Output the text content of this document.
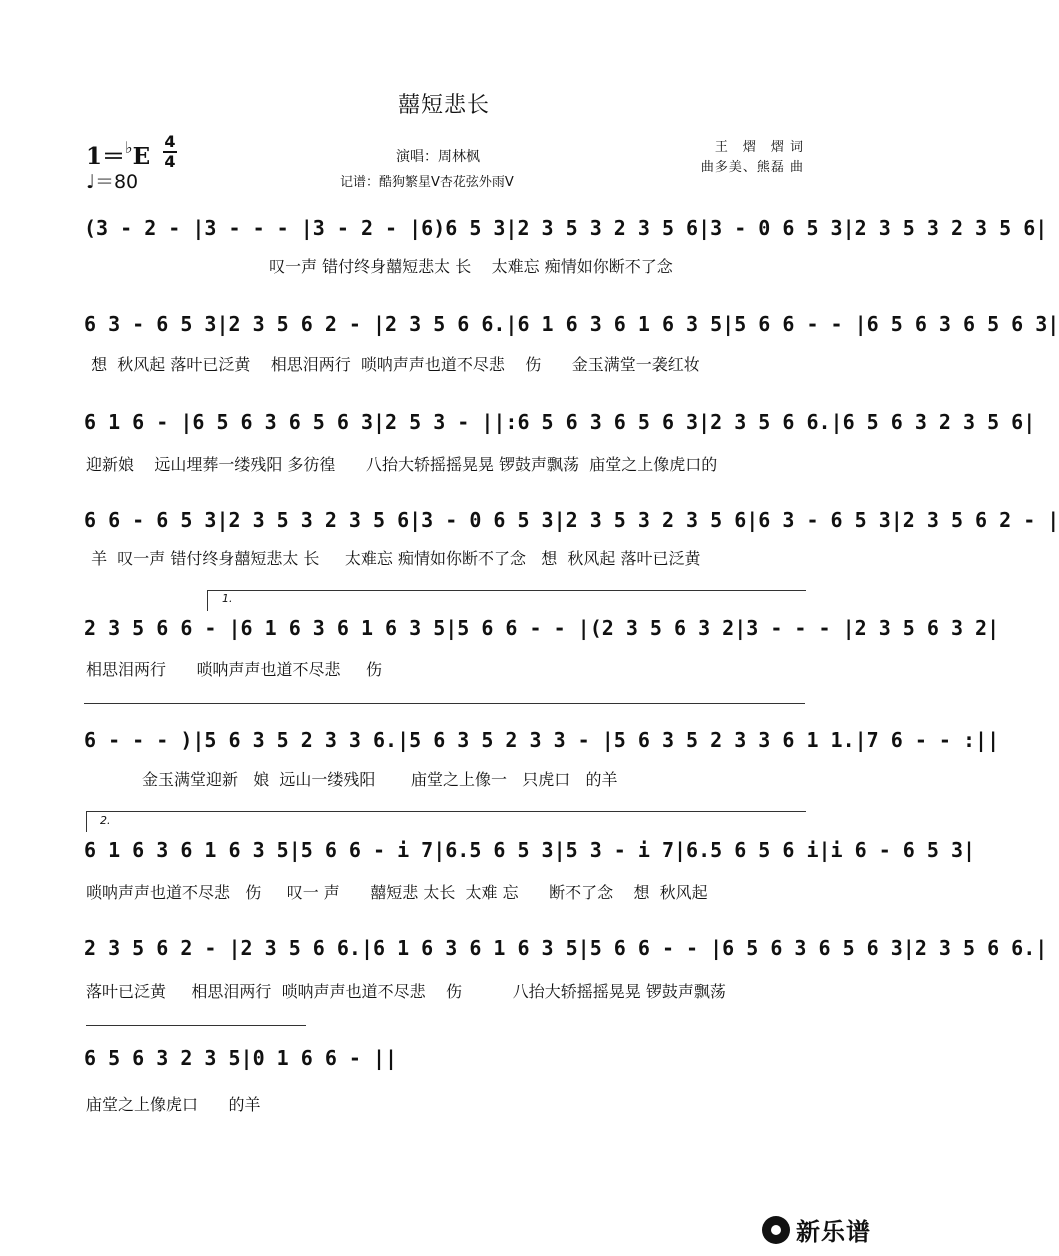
囍短悲长
1＝♭E
4
4
♩＝80
演唱：周林枫
记谱：酷狗繁星V杏花弦外雨V
王　熠　熠 词
曲多美、熊磊 曲
(3 - 2 - |3 - - - |3 - 2 - |6)6 5 3|2 3 5 3 2 3 5 6|3 - 0 6 5 3|2 3 5 3 2 3 5 6|
叹一声 错付终身囍短悲太 长    太难忘 痴情如你断不了念
6 3 - 6 5 3|2 3 5 6 2 - |2 3 5 6 6.|6 1 6 3 6 1 6 3 5|5 6 6 - - |6 5 6 3 6 5 6 3|
想  秋风起 落叶已泛黄    相思泪两行  唢呐声声也道不尽悲    伤      金玉满堂一袭红妆
6 1 6 - |6 5 6 3 6 5 6 3|2 5 3 - ||:6 5 6 3 6 5 6 3|2 3 5 6 6.|6 5 6 3 2 3 5 6|
迎新娘    远山埋葬一缕残阳 多彷徨      八抬大轿摇摇晃晃 锣鼓声飘荡  庙堂之上像虎口的
6 6 - 6 5 3|2 3 5 3 2 3 5 6|3 - 0 6 5 3|2 3 5 3 2 3 5 6|6 3 - 6 5 3|2 3 5 6 2 - |
羊  叹一声 错付终身囍短悲太 长     太难忘 痴情如你断不了念   想  秋风起 落叶已泛黄
1.
2 3 5 6 6 - |6 1 6 3 6 1 6 3 5|5 6 6 - - |(2 3 5 6 3 2|3 - - - |2 3 5 6 3 2|
相思泪两行      唢呐声声也道不尽悲     伤
6 - - - )|5 6 3 5 2 3 3 6.|5 6 3 5 2 3 3 - |5 6 3 5 2 3 3 6 1 1.|7 6 - - :||
金玉满堂迎新   娘  远山一缕残阳       庙堂之上像一   只虎口   的羊
2.
6 1 6 3 6 1 6 3 5|5 6 6 - i 7|6.5 6 5 3|5 3 - i 7|6.5 6 5 6 i|i 6 - 6 5 3|
唢呐声声也道不尽悲   伤     叹一 声      囍短悲 太长  太难 忘      断不了念    想  秋风起
2 3 5 6 2 - |2 3 5 6 6.|6 1 6 3 6 1 6 3 5|5 6 6 - - |6 5 6 3 6 5 6 3|2 3 5 6 6.|
落叶已泛黄     相思泪两行  唢呐声声也道不尽悲    伤          八抬大轿摇摇晃晃 锣鼓声飘荡
6 5 6 3 2 3 5|0 1 6 6 - ||
庙堂之上像虎口      的羊
新乐谱
